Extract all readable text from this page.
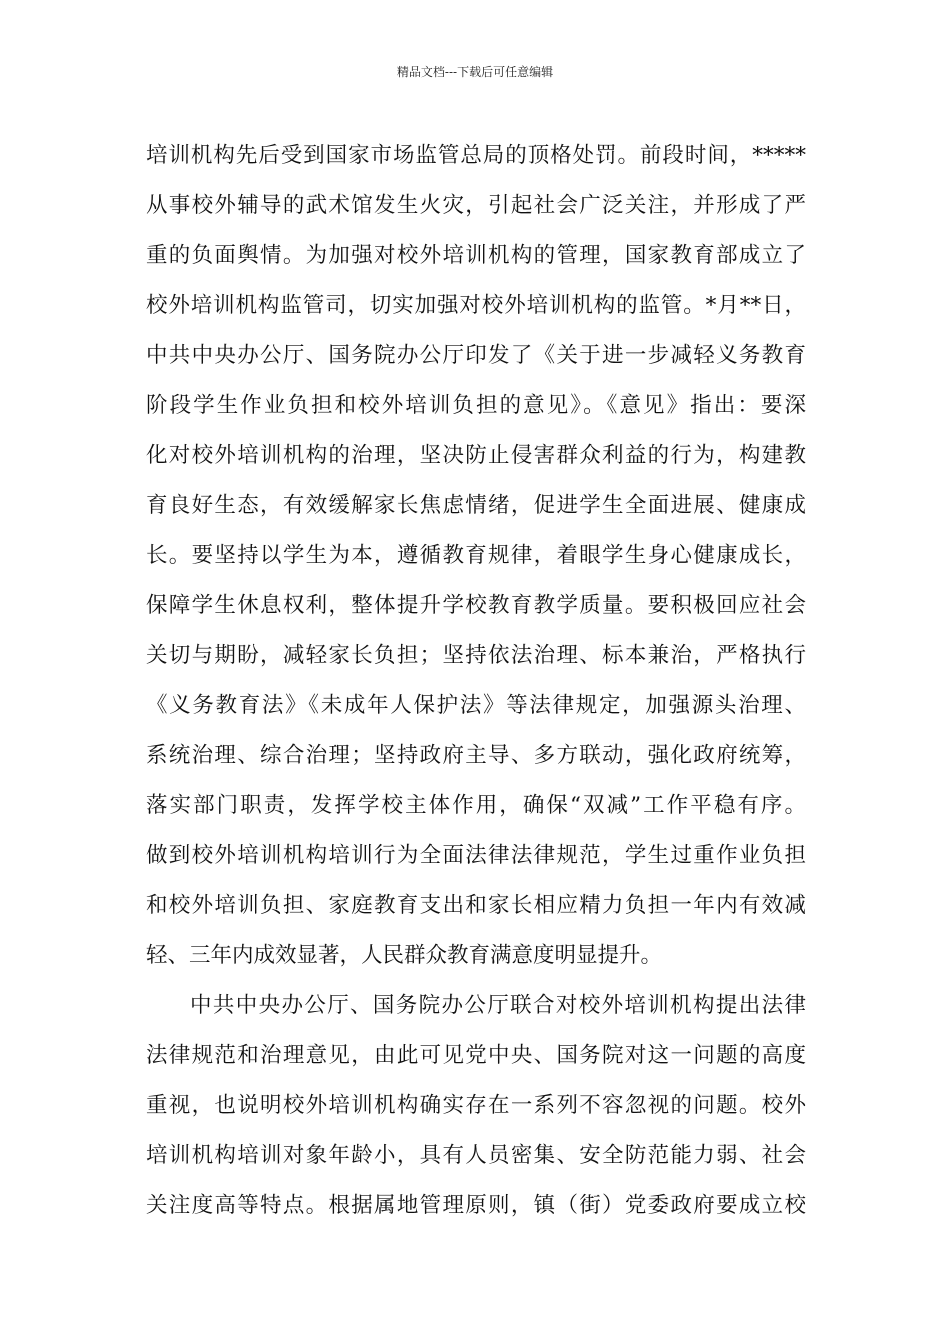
精品文档---下载后可任意编辑
培训机构先后受到国家市场监管总局的顶格处罚。前段时间，*****
从事校外辅导的武术馆发生火灾，引起社会广泛关注，并形成了严
重的负面舆情。为加强对校外培训机构的管理，国家教育部成立了
校外培训机构监管司，切实加强对校外培训机构的监管。*月**日，
中共中央办公厅、国务院办公厅印发了《关于进一步减轻义务教育
阶段学生作业负担和校外培训负担的意见》。《意见》指出：要深
化对校外培训机构的治理，坚决防止侵害群众利益的行为，构建教
育良好生态，有效缓解家长焦虑情绪，促进学生全面进展、健康成
长。要坚持以学生为本，遵循教育规律，着眼学生身心健康成长，
保障学生休息权利，整体提升学校教育教学质量。要积极回应社会
关切与期盼，减轻家长负担；坚持依法治理、标本兼治，严格执行
《义务教育法》《未成年人保护法》等法律规定，加强源头治理、
系统治理、综合治理；坚持政府主导、多方联动，强化政府统筹，
落实部门职责，发挥学校主体作用，确保“双减”工作平稳有序。
做到校外培训机构培训行为全面法律法律规范，学生过重作业负担
和校外培训负担、家庭教育支出和家长相应精力负担一年内有效减
轻、三年内成效显著，人民群众教育满意度明显提升。
中共中央办公厅、国务院办公厅联合对校外培训机构提出法律
法律规范和治理意见，由此可见党中央、国务院对这一问题的高度
重视，也说明校外培训机构确实存在一系列不容忽视的问题。校外
培训机构培训对象年龄小，具有人员密集、安全防范能力弱、社会
关注度高等特点。根据属地管理原则，镇（街）党委政府要成立校
